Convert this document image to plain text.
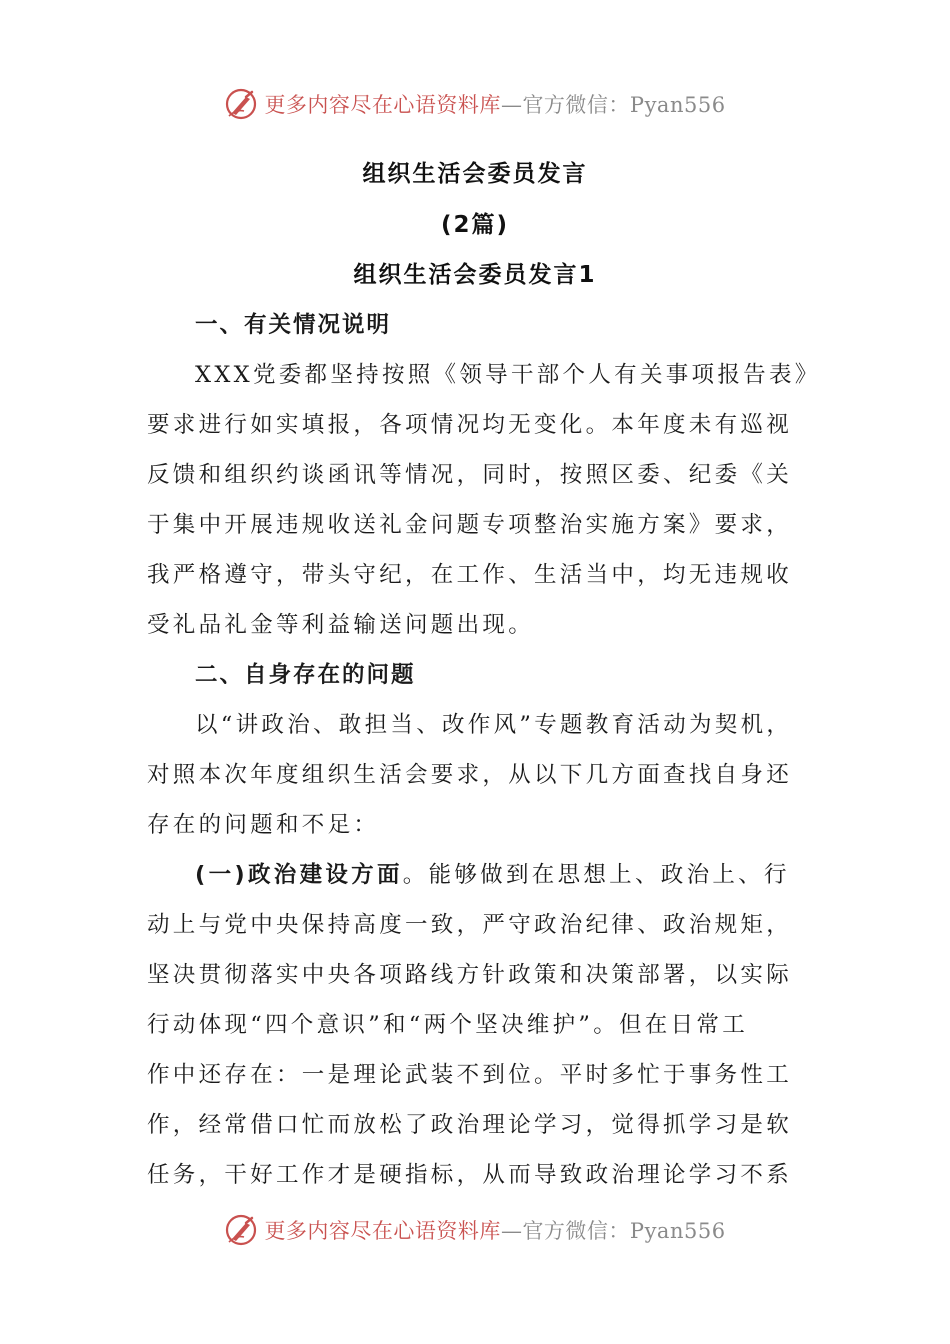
更多内容尽在心语资料库—官方微信：Pyan556
组织生活会委员发言
(2篇)
组织生活会委员发言1
一、有关情况说明
XXX党委都坚持按照《领导干部个人有关事项报告表》
要求进行如实填报，各项情况均无变化。本年度未有巡视
反馈和组织约谈函讯等情况，同时，按照区委、纪委《关
于集中开展违规收送礼金问题专项整治实施方案》要求，
我严格遵守，带头守纪，在工作、生活当中，均无违规收
受礼品礼金等利益输送问题出现。
二、自身存在的问题
以“讲政治、敢担当、改作风”专题教育活动为契机，
对照本次年度组织生活会要求，从以下几方面查找自身还
存在的问题和不足：
(一)政治建设方面。能够做到在思想上、政治上、行
动上与党中央保持高度一致，严守政治纪律、政治规矩，
坚决贯彻落实中央各项路线方针政策和决策部署，以实际
行动体现“四个意识”和“两个坚决维护”。但在日常工
作中还存在：一是理论武装不到位。平时多忙于事务性工
作，经常借口忙而放松了政治理论学习，觉得抓学习是软
任务，干好工作才是硬指标，从而导致政治理论学习不系
更多内容尽在心语资料库—官方微信：Pyan556
